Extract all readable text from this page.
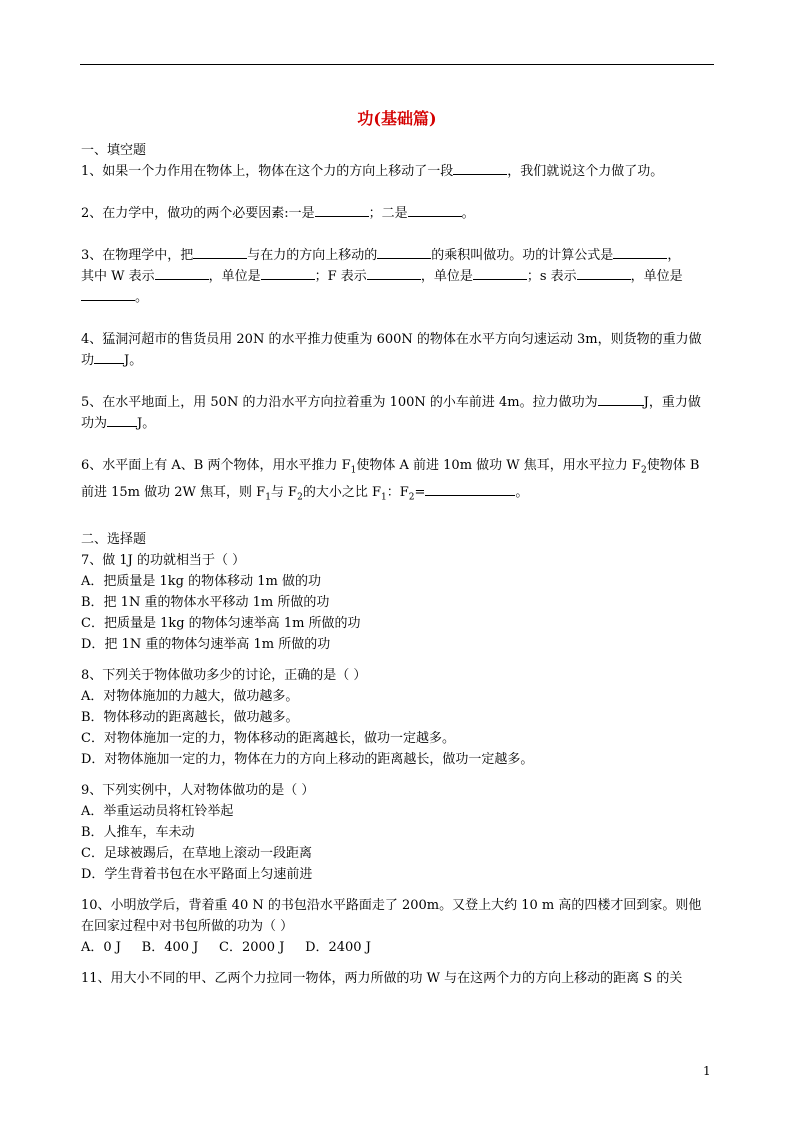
功(基础篇)
一、填空题
1、如果一个力作用在物体上，物体在这个力的方向上移动了一段	，我们就说这个力做了功。
2、在力学中，做功的两个必要因素:一是	；二是	。
3、在物理学中，把	与在力的方向上移动的	的乘积叫做功。功的计算公式是	，
其中 W 表示	，单位是	；F 表示	，单位是	；s 表示	，单位是
。
4、猛洞河超市的售货员用 20N 的水平推力使重为 600N 的物体在水平方向匀速运动 3m，则货物的重力做
功 J。
5、在水平地面上，用 50N 的力沿水平方向拉着重为 100N 的小车前进 4m。拉力做功为	J，重力做
功为 J。
6、水平面上有 A、B 两个物体，用水平推力 $F_1$使物体 A 前进 10m 做功 W 焦耳，用水平拉力 $F_2$使物体 B
前进 15m 做功 2W 焦耳，则 $F_1$与 $F_2$的大小之比 $F_1$：$F_2=$	。
二、选择题
7、做 1J 的功就相当于（ ）
A．把质量是 1kg 的物体移动 1m 做的功
B．把 1N 重的物体水平移动 1m 所做的功
C．把质量是 1kg 的物体匀速举高 1m 所做的功
D．把 1N 重的物体匀速举高 1m 所做的功
8、下列关于物体做功多少的讨论，正确的是（ ）
A．对物体施加的力越大，做功越多。
B．物体移动的距离越长，做功越多。
C．对物体施加一定的力，物体移动的距离越长，做功一定越多。
D．对物体施加一定的力，物体在力的方向上移动的距离越长，做功一定越多。
9、下列实例中，人对物体做功的是（ ）
A．举重运动员将杠铃举起
B．人推车，车未动
C．足球被踢后，在草地上滚动一段距离
D．学生背着书包在水平路面上匀速前进
10、小明放学后，背着重 40 N 的书包沿水平路面走了 200m。又登上大约 10 m 高的四楼才回到家。则他
在回家过程中对书包所做的功为（ ）
A．0 J     B．400 J     C．2000 J     D．2400 J
11、用大小不同的甲、乙两个力拉同一物体，两力所做的功 W 与在这两个力的方向上移动的距离 S 的关
1
